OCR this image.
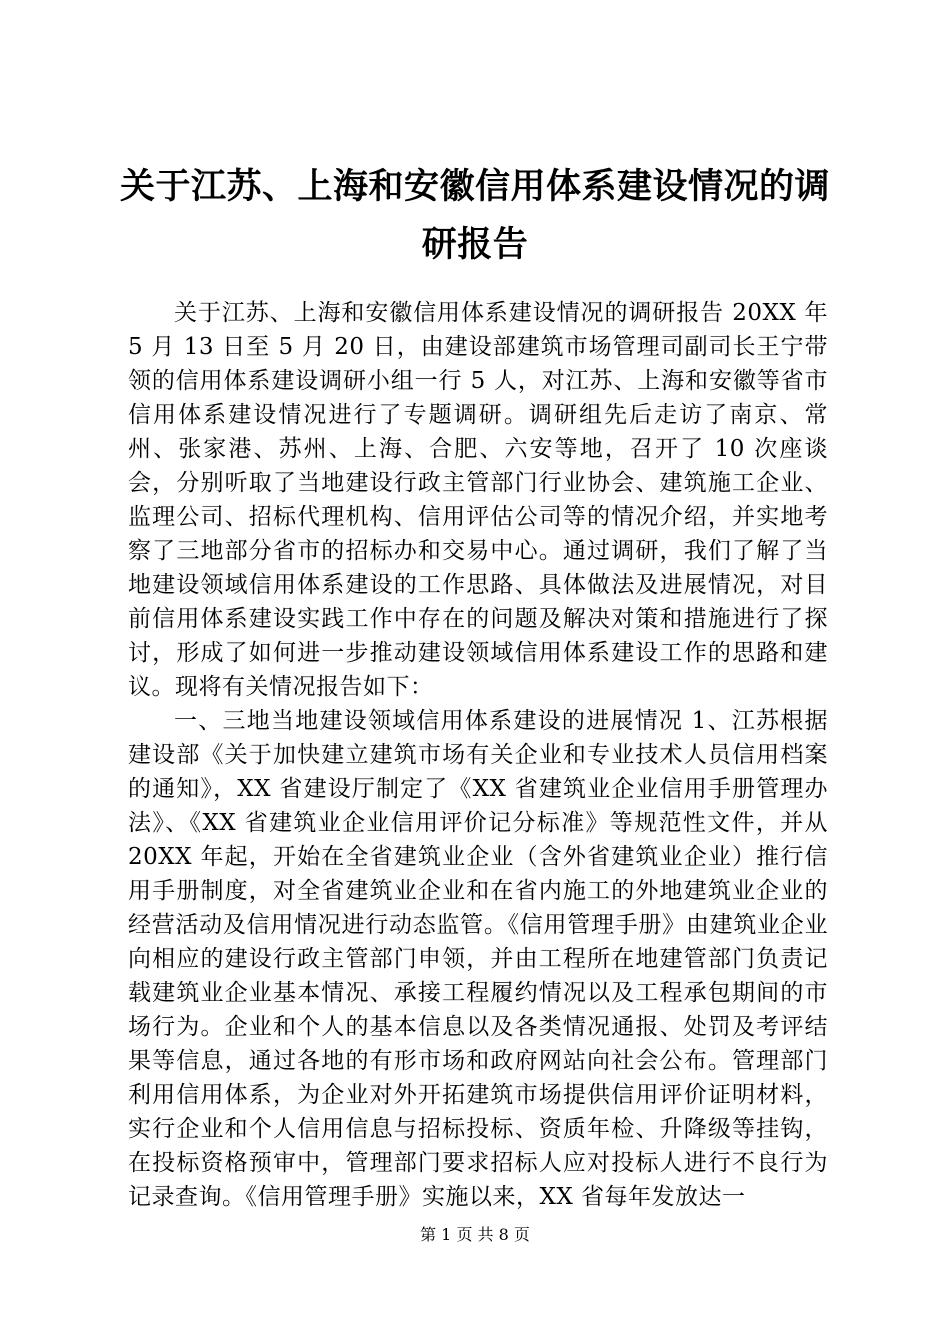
关于江苏、上海和安徽信用体系建设情况的调研报告

关于江苏、上海和安徽信用体系建设情况的调研报告 20XX 年 5 月 13 日至 5 月 20 日，由建设部建筑市场管理司副司长王宁带领的信用体系建设调研小组一行 5 人，对江苏、上海和安徽等省市信用体系建设情况进行了专题调研。调研组先后走访了南京、常州、张家港、苏州、上海、合肥、六安等地，召开了 10 次座谈会，分别听取了当地建设行政主管部门行业协会、建筑施工企业、监理公司、招标代理机构、信用评估公司等的情况介绍，并实地考察了三地部分省市的招标办和交易中心。通过调研，我们了解了当地建设领域信用体系建设的工作思路、具体做法及进展情况，对目前信用体系建设实践工作中存在的问题及解决对策和措施进行了探讨，形成了如何进一步推动建设领域信用体系建设工作的思路和建议。现将有关情况报告如下：

一、三地当地建设领域信用体系建设的进展情况 1、江苏根据建设部《关于加快建立建筑市场有关企业和专业技术人员信用档案的通知》，XX 省建设厅制定了《XX 省建筑业企业信用手册管理办法》、《XX 省建筑业企业信用评价记分标准》等规范性文件，并从 20XX 年起，开始在全省建筑业企业（含外省建筑业企业）推行信用手册制度，对全省建筑业企业和在省内施工的外地建筑业企业的经营活动及信用情况进行动态监管。《信用管理手册》由建筑业企业向相应的建设行政主管部门申领，并由工程所在地建管部门负责记载建筑业企业基本情况、承接工程履约情况以及工程承包期间的市场行为。企业和个人的基本信息以及各类情况通报、处罚及考评结果等信息，通过各地的有形市场和政府网站向社会公布。管理部门利用信用体系，为企业对外开拓建筑市场提供信用评价证明材料，实行企业和个人信用信息与招标投标、资质年检、升降级等挂钩，在投标资格预审中，管理部门要求招标人应对投标人进行不良行为记录查询。《信用管理手册》实施以来，XX 省每年发放达一

第 1 页 共 8 页
